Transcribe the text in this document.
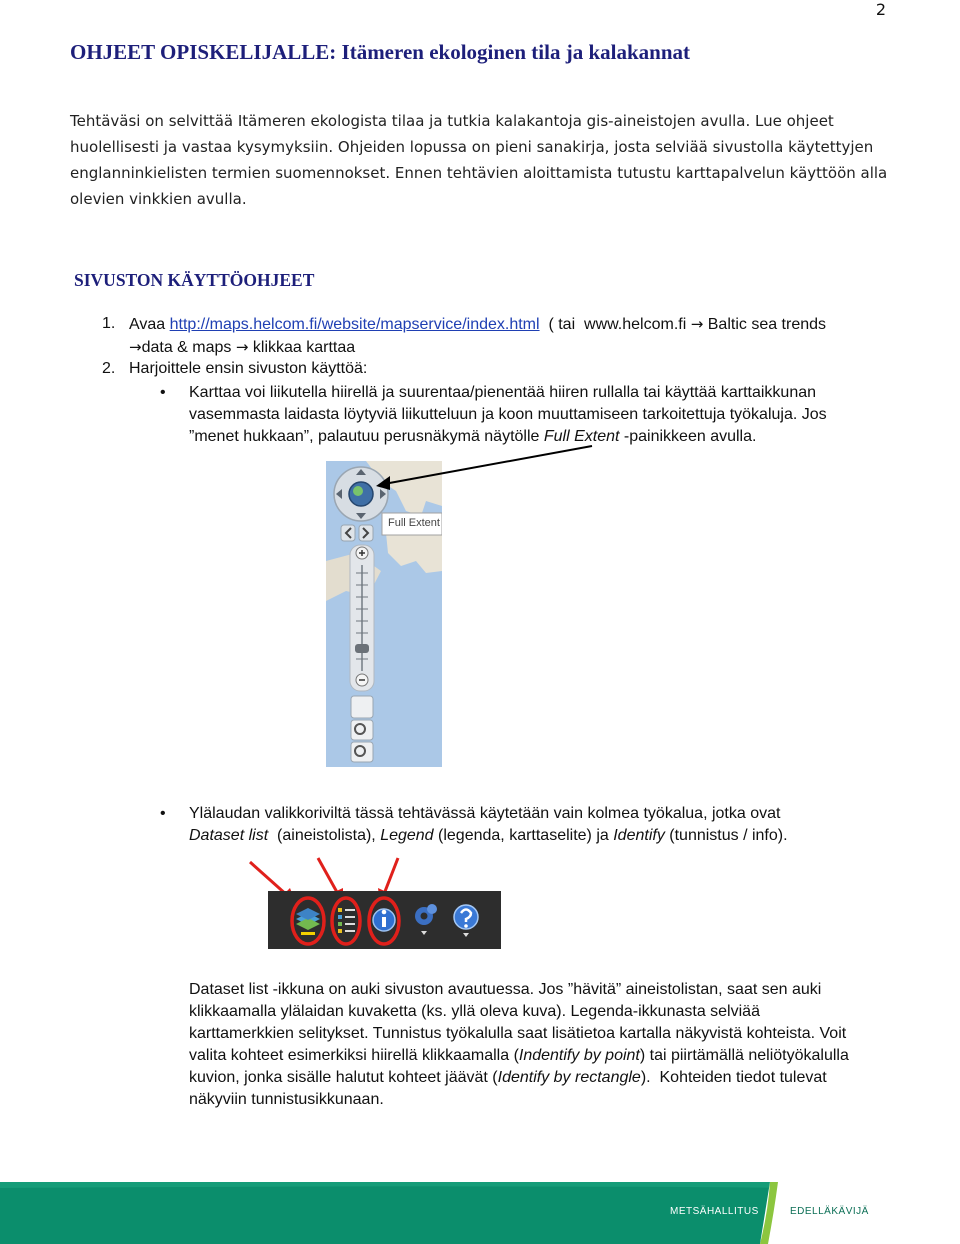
2
OHJEET OPISKELIJALLE: Itämeren ekologinen tila ja kalakannat
Tehtäväsi on selvittää Itämeren ekologista tilaa ja tutkia kalakantoja gis-aineistojen avulla. Lue ohjeet
huolellisesti ja vastaa kysymyksiin. Ohjeiden lopussa on pieni sanakirja, josta selviää sivustolla käytettyjen
englanninkielisten termien suomennokset. Ennen tehtävien aloittamista tutustu karttapalvelun käyttöön alla
olevien vinkkien avulla.
SIVUSTON KÄYTTÖOHJEET
1. Avaa http://maps.helcom.fi/website/mapservice/index.html  ( tai  www.helcom.fi → Baltic sea trends
→data & maps → klikkaa karttaa
2. Harjoittele ensin sivuston käyttöä:
• Karttaa voi liikutella hiirellä ja suurentaa/pienentää hiiren rullalla tai käyttää karttaikkunan
vasemmasta laidasta löytyviä liikutteluun ja koon muuttamiseen tarkoitettuja työkaluja. Jos
”menet hukkaan”, palautuu perusnäkymä näytölle Full Extent -painikkeen avulla.
Full Extent
• Ylälaudan valikkoriviltä tässä tehtävässä käytetään vain kolmea työkalua, jotka ovat
Dataset list  (aineistolista), Legend (legenda, karttaselite) ja Identify (tunnistus / info).
Dataset list -ikkuna on auki sivuston avautuessa. Jos ”hävitä” aineistolistan, saat sen auki
klikkaamalla ylälaidan kuvaketta (ks. yllä oleva kuva). Legenda-ikkunasta selviää
karttamerkkien selitykset. Tunnistus työkalulla saat lisätietoa kartalla näkyvistä kohteista. Voit
valita kohteet esimerkiksi hiirellä klikkaamalla (Indentify by point) tai piirtämällä neliötyökalulla
kuvion, jonka sisälle halutut kohteet jäävät (Identify by rectangle).  Kohteiden tiedot tulevat
näkyviin tunnistusikkunaan.
METSÄHALLITUS	EDELLÄKÄVIJÄ
